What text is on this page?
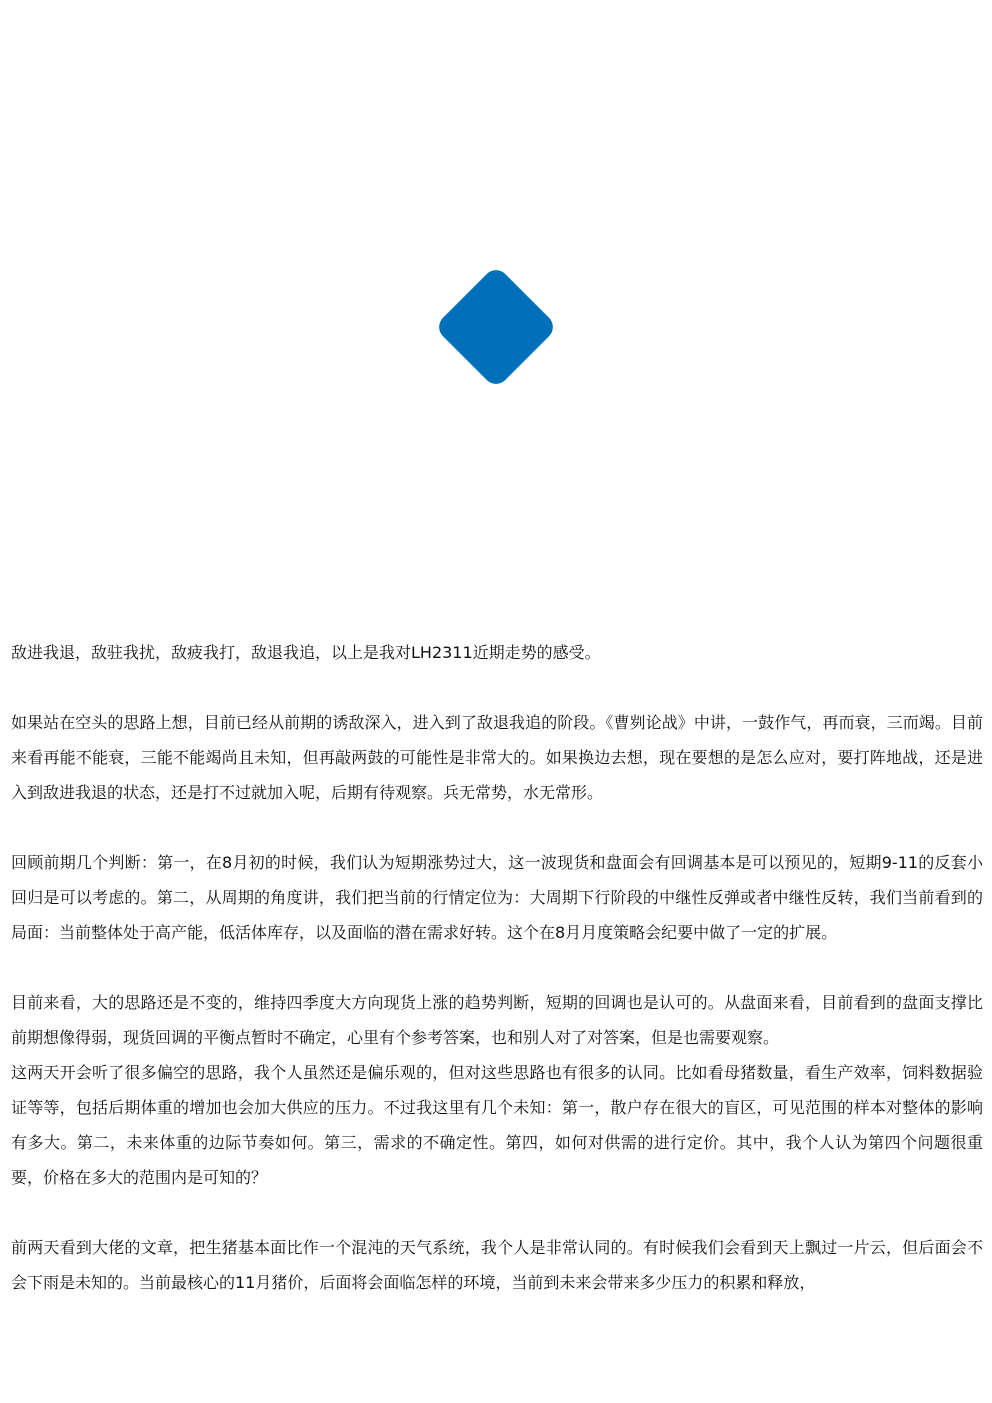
敌进我退，敌驻我扰，敌疲我打，敌退我追，以上是我对LH2311近期走势的感受。

如果站在空头的思路上想，目前已经从前期的诱敌深入，进入到了敌退我追的阶段。《曹刿论战》中讲，一鼓作气，再而衰，三而竭。目前来看再能不能衰，三能不能竭尚且未知，但再敲两鼓的可能性是非常大的。如果换边去想，现在要想的是怎么应对，要打阵地战，还是进入到敌进我退的状态，还是打不过就加入呢，后期有待观察。兵无常势，水无常形。

回顾前期几个判断：第一，在8月初的时候，我们认为短期涨势过大，这一波现货和盘面会有回调基本是可以预见的，短期9-11的反套小回归是可以考虑的。第二，从周期的角度讲，我们把当前的行情定位为：大周期下行阶段的中继性反弹或者中继性反转，我们当前看到的局面：当前整体处于高产能，低活体库存，以及面临的潜在需求好转。这个在8月月度策略会纪要中做了一定的扩展。

目前来看，大的思路还是不变的，维持四季度大方向现货上涨的趋势判断，短期的回调也是认可的。从盘面来看，目前看到的盘面支撑比前期想像得弱，现货回调的平衡点暂时不确定，心里有个参考答案，也和别人对了对答案，但是也需要观察。

这两天开会听了很多偏空的思路，我个人虽然还是偏乐观的，但对这些思路也有很多的认同。比如看母猪数量，看生产效率，饲料数据验证等等，包括后期体重的增加也会加大供应的压力。不过我这里有几个未知：第一，散户存在很大的盲区，可见范围的样本对整体的影响有多大。第二，未来体重的边际节奏如何。第三，需求的不确定性。第四，如何对供需的进行定价。其中，我个人认为第四个问题很重要，价格在多大的范围内是可知的？

前两天看到大佬的文章，把生猪基本面比作一个混沌的天气系统，我个人是非常认同的。有时候我们会看到天上飘过一片云，但后面会不会下雨是未知的。当前最核心的11月猪价，后面将会面临怎样的环境，当前到未来会带来多少压力的积累和释放，
